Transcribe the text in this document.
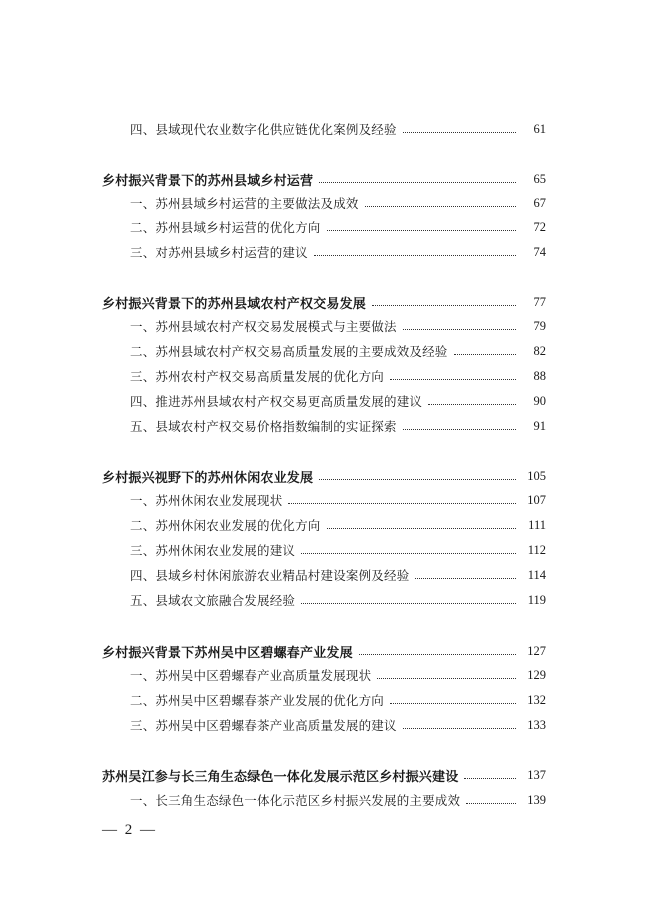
四、县域现代农业数字化供应链优化案例及经验	61
乡村振兴背景下的苏州县域乡村运营	65
一、苏州县域乡村运营的主要做法及成效	67
二、苏州县域乡村运营的优化方向	72
三、对苏州县域乡村运营的建议	74
乡村振兴背景下的苏州县域农村产权交易发展	77
一、苏州县域农村产权交易发展模式与主要做法	79
二、苏州县域农村产权交易高质量发展的主要成效及经验	82
三、苏州农村产权交易高质量发展的优化方向	88
四、推进苏州县域农村产权交易更高质量发展的建议	90
五、县域农村产权交易价格指数编制的实证探索	91
乡村振兴视野下的苏州休闲农业发展	105
一、苏州休闲农业发展现状	107
二、苏州休闲农业发展的优化方向	111
三、苏州休闲农业发展的建议	112
四、县域乡村休闲旅游农业精品村建设案例及经验	114
五、县域农文旅融合发展经验	119
乡村振兴背景下苏州吴中区碧螺春产业发展	127
一、苏州吴中区碧螺春产业高质量发展现状	129
二、苏州吴中区碧螺春茶产业发展的优化方向	132
三、苏州吴中区碧螺春茶产业高质量发展的建议	133
苏州吴江参与长三角生态绿色一体化发展示范区乡村振兴建设	137
一、长三角生态绿色一体化示范区乡村振兴发展的主要成效	139
— 2 —
